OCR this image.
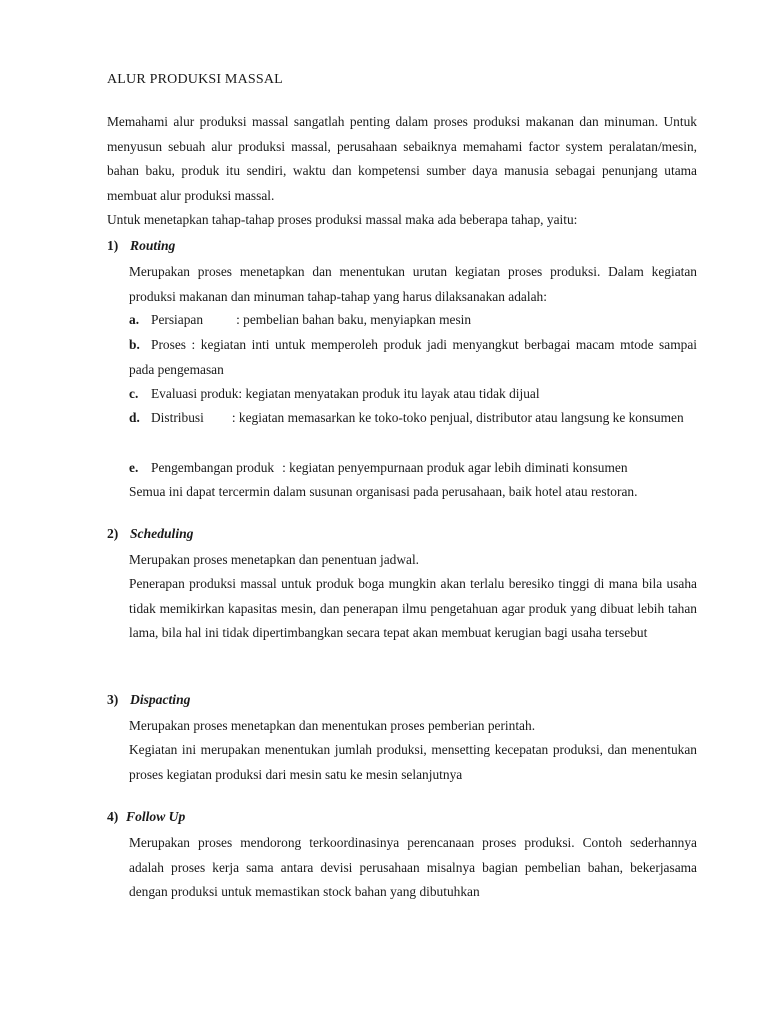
ALUR PRODUKSI MASSAL

Memahami alur produksi massal sangatlah penting dalam proses produksi makanan dan minuman. Untuk menyusun sebuah alur produksi massal, perusahaan sebaiknya memahami factor system peralatan/mesin, bahan baku, produk itu sendiri, waktu dan kompetensi sumber daya manusia sebagai penunjang utama membuat alur produksi massal.

Untuk menetapkan tahap-tahap proses produksi massal maka ada beberapa tahap, yaitu:

1) Routing

Merupakan proses menetapkan dan menentukan urutan kegiatan proses produksi. Dalam kegiatan produksi makanan dan minuman tahap-tahap yang harus dilaksanakan adalah:

a. Persiapan : pembelian bahan baku, menyiapkan mesin
b. Proses : kegiatan inti untuk memperoleh produk jadi menyangkut berbagai macam mtode sampai pada pengemasan
c. Evaluasi produk: kegiatan menyatakan produk itu layak atau tidak dijual
d. Distribusi : kegiatan memasarkan ke toko-toko penjual, distributor atau langsung ke konsumen
e. Pengembangan produk : kegiatan penyempurnaan produk agar lebih diminati konsumen

Semua ini dapat tercermin dalam susunan organisasi pada perusahaan, baik hotel atau restoran.

2) Scheduling

Merupakan proses menetapkan dan penentuan jadwal.

Penerapan produksi massal untuk produk boga mungkin akan terlalu beresiko tinggi di mana bila usaha tidak memikirkan kapasitas mesin, dan penerapan ilmu pengetahuan agar produk yang dibuat lebih tahan lama, bila hal ini tidak dipertimbangkan secara tepat akan membuat kerugian bagi usaha tersebut

3) Dispacting

Merupakan proses menetapkan dan menentukan proses pemberian perintah.

Kegiatan ini merupakan menentukan jumlah produksi, mensetting kecepatan produksi, dan menentukan proses kegiatan produksi dari mesin satu ke mesin selanjutnya

4) Follow Up

Merupakan proses mendorong terkoordinasinya perencanaan proses produksi. Contoh sederhannya adalah proses kerja sama antara devisi perusahaan misalnya bagian pembelian bahan, bekerjasama dengan produksi untuk memastikan stock bahan yang dibutuhkan
